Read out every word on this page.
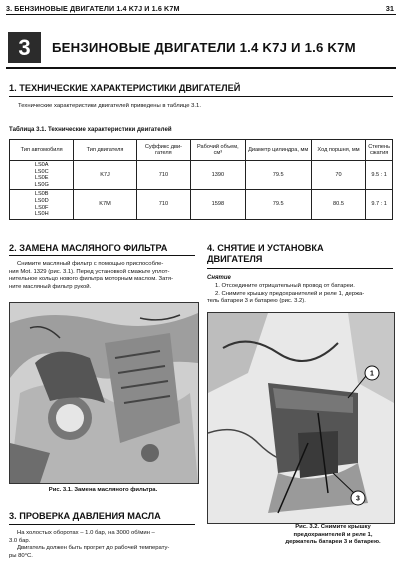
3. БЕНЗИНОВЫЕ ДВИГАТЕЛИ 1.4 K7J И 1.6 K7M	31
3 БЕНЗИНОВЫЕ ДВИГАТЕЛИ 1.4 K7J И 1.6 K7M
1. ТЕХНИЧЕСКИЕ ХАРАКТЕРИСТИКИ ДВИГАТЕЛЕЙ
Технические характеристики двигателей приведены в таблице 3.1.
Таблица 3.1. Технические характеристики двигателей
Тип автомобиля	Тип двигателя	Суффикс дви-гателя	Рабочий объем, см³	Диаметр цилиндра, мм	Ход поршня, мм	Степень сжатия

LS0A
LS0C
LS0E
LS0G	K7J	710	1390	79.5	70	9.5 : 1

LS0B
LS0D
LS0F
LS0H	K7M	710	1598	79.5	80.5	9.7 : 1
2. ЗАМЕНА МАСЛЯНОГО ФИЛЬТРА
Снимите масляный фильтр с помощью приспособле-
ния Mot. 1329 (рис. 3.1). Перед установкой смажьте уплот-
нительное кольцо нового фильтра моторным маслом. Затя-
ните масляный фильтр рукой.
Рис. 3.1. Замена масляного фильтра.
3. ПРОВЕРКА ДАВЛЕНИЯ МАСЛА
На холостых оборотах – 1.0 бар, на 3000 об/мин –
3.0 бар.
Двигатель должен быть прогрет до рабочей температу-
ры 80°С.
4. СНЯТИЕ И УСТАНОВКА
ДВИГАТЕЛЯ
Снятие
1. Отсоедините отрицательный провод от батареи.
2. Снимите крышку предохранителей и реле 1, держа-
тель батареи 3 и батарею (рис. 3.2).
1
3
Рис. 3.2. Снимите крышку
предохранителей и реле 1,
держатель батареи 3 и батарею.
